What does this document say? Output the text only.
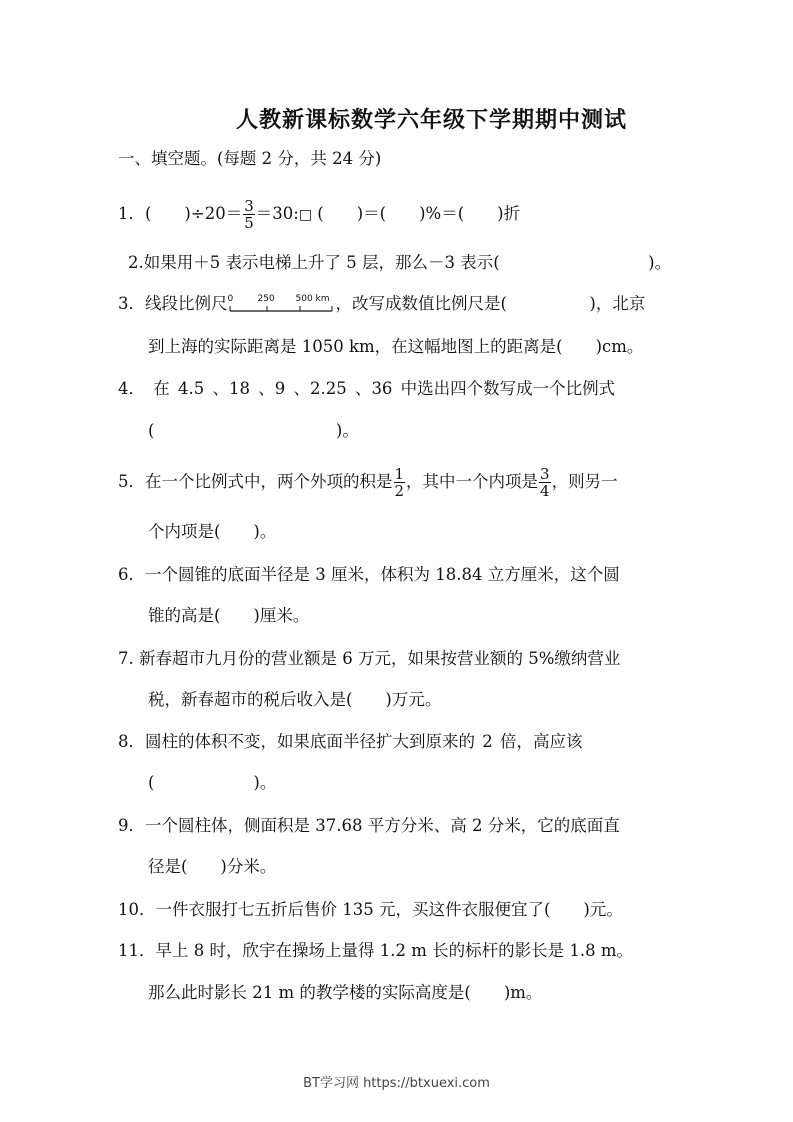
人教新课标数学六年级下学期期中测试
一、填空题。(每题 2 分，共 24 分)
1．(　　)$\div 20= \frac{3}{5}$ ＝30:□ (　　)＝(　　)%＝(　　)折
2.如果用＋5 表示电梯上升了 5 层，那么－3 表示(　　　　　　　　　)。
3．线段比例尺 0	250 500 km ，改写成数值比例尺是(　　　　　)，北京
到上海的实际距离是 1050 km，在这幅地图上的距离是(　　)cm。
4． 在 4.5 、18 、9 、2.25 、36 中选出四个数写成一个比例式
(　　　　　　　　　　　)。
5．在一个比例式中，两个外项的积是 $\frac{1}{2}$ ，其中一个内项是 $\frac{3}{4}$ ，则另一
个内项是(　　)。
6．一个圆锥的底面半径是 3 厘米，体积为 18.84 立方厘米，这个圆
锥的高是(　　)厘米。
7. 新春超市九月份的营业额是 6 万元，如果按营业额的 5%缴纳营业
税，新春超市的税后收入是(　　)万元。
8．圆柱的体积不变，如果底面半径扩大到原来的 2 倍，高应该
(　　　　　　)。
9．一个圆柱体，侧面积是 37.68 平方分米、高 2 分米，它的底面直
径是(　　)分米。
10．一件衣服打七五折后售价 135 元，买这件衣服便宜了(　　)元。
11．早上 8 时，欣宇在操场上量得 1.2 m 长的标杆的影长是 1.8 m。
那么此时影长 21 m 的教学楼的实际高度是(　　)m。
BT学习网 https://btxuexi.com
